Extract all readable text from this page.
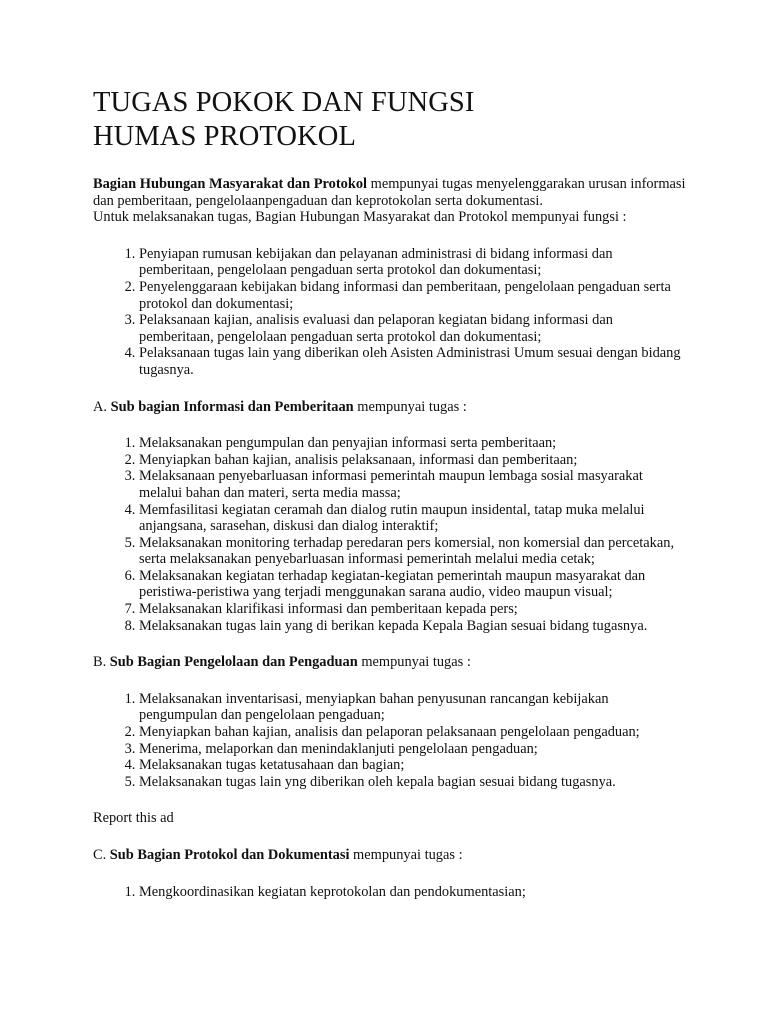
TUGAS POKOK DAN FUNGSI
HUMAS PROTOKOL

Bagian Hubungan Masyarakat dan Protokol mempunyai tugas menyelenggarakan urusan informasi dan pemberitaan, pengelolaanpengaduan dan keprotokolan serta dokumentasi.
Untuk melaksanakan tugas, Bagian Hubungan Masyarakat dan Protokol mempunyai fungsi :

1. Penyiapan rumusan kebijakan dan pelayanan administrasi di bidang informasi dan pemberitaan, pengelolaan pengaduan serta protokol dan dokumentasi;
2. Penyelenggaraan kebijakan bidang informasi dan pemberitaan, pengelolaan pengaduan serta protokol dan dokumentasi;
3. Pelaksanaan kajian, analisis evaluasi dan pelaporan kegiatan bidang informasi dan pemberitaan, pengelolaan pengaduan serta protokol dan dokumentasi;
4. Pelaksanaan tugas lain yang diberikan oleh Asisten Administrasi Umum sesuai dengan bidang tugasnya.

A. Sub bagian Informasi dan Pemberitaan mempunyai tugas :

1. Melaksanakan pengumpulan dan penyajian informasi serta pemberitaan;
2. Menyiapkan bahan kajian, analisis pelaksanaan, informasi dan pemberitaan;
3. Melaksanaan penyebarluasan informasi pemerintah maupun lembaga sosial masyarakat melalui bahan dan materi, serta media massa;
4. Memfasilitasi kegiatan ceramah dan dialog rutin maupun insidental, tatap muka melalui anjangsana, sarasehan, diskusi dan dialog interaktif;
5. Melaksanakan monitoring terhadap peredaran pers komersial, non komersial dan percetakan, serta melaksanakan penyebarluasan informasi pemerintah melalui media cetak;
6. Melaksanakan kegiatan terhadap kegiatan-kegiatan pemerintah maupun masyarakat dan peristiwa-peristiwa yang terjadi menggunakan sarana audio, video maupun visual;
7. Melaksanakan klarifikasi informasi dan pemberitaan kepada pers;
8. Melaksanakan tugas lain yang di berikan kepada Kepala Bagian sesuai bidang tugasnya.

B. Sub Bagian Pengelolaan dan Pengaduan mempunyai tugas :

1. Melaksanakan inventarisasi, menyiapkan bahan penyusunan rancangan kebijakan pengumpulan dan pengelolaan pengaduan;
2. Menyiapkan bahan kajian, analisis dan pelaporan pelaksanaan pengelolaan pengaduan;
3. Menerima, melaporkan dan menindaklanjuti pengelolaan pengaduan;
4. Melaksanakan tugas ketatusahaan dan bagian;
5. Melaksanakan tugas lain yng diberikan oleh kepala bagian sesuai bidang tugasnya.

Report this ad

C. Sub Bagian Protokol dan Dokumentasi mempunyai tugas :

1. Mengkoordinasikan kegiatan keprotokolan dan pendokumentasian;
